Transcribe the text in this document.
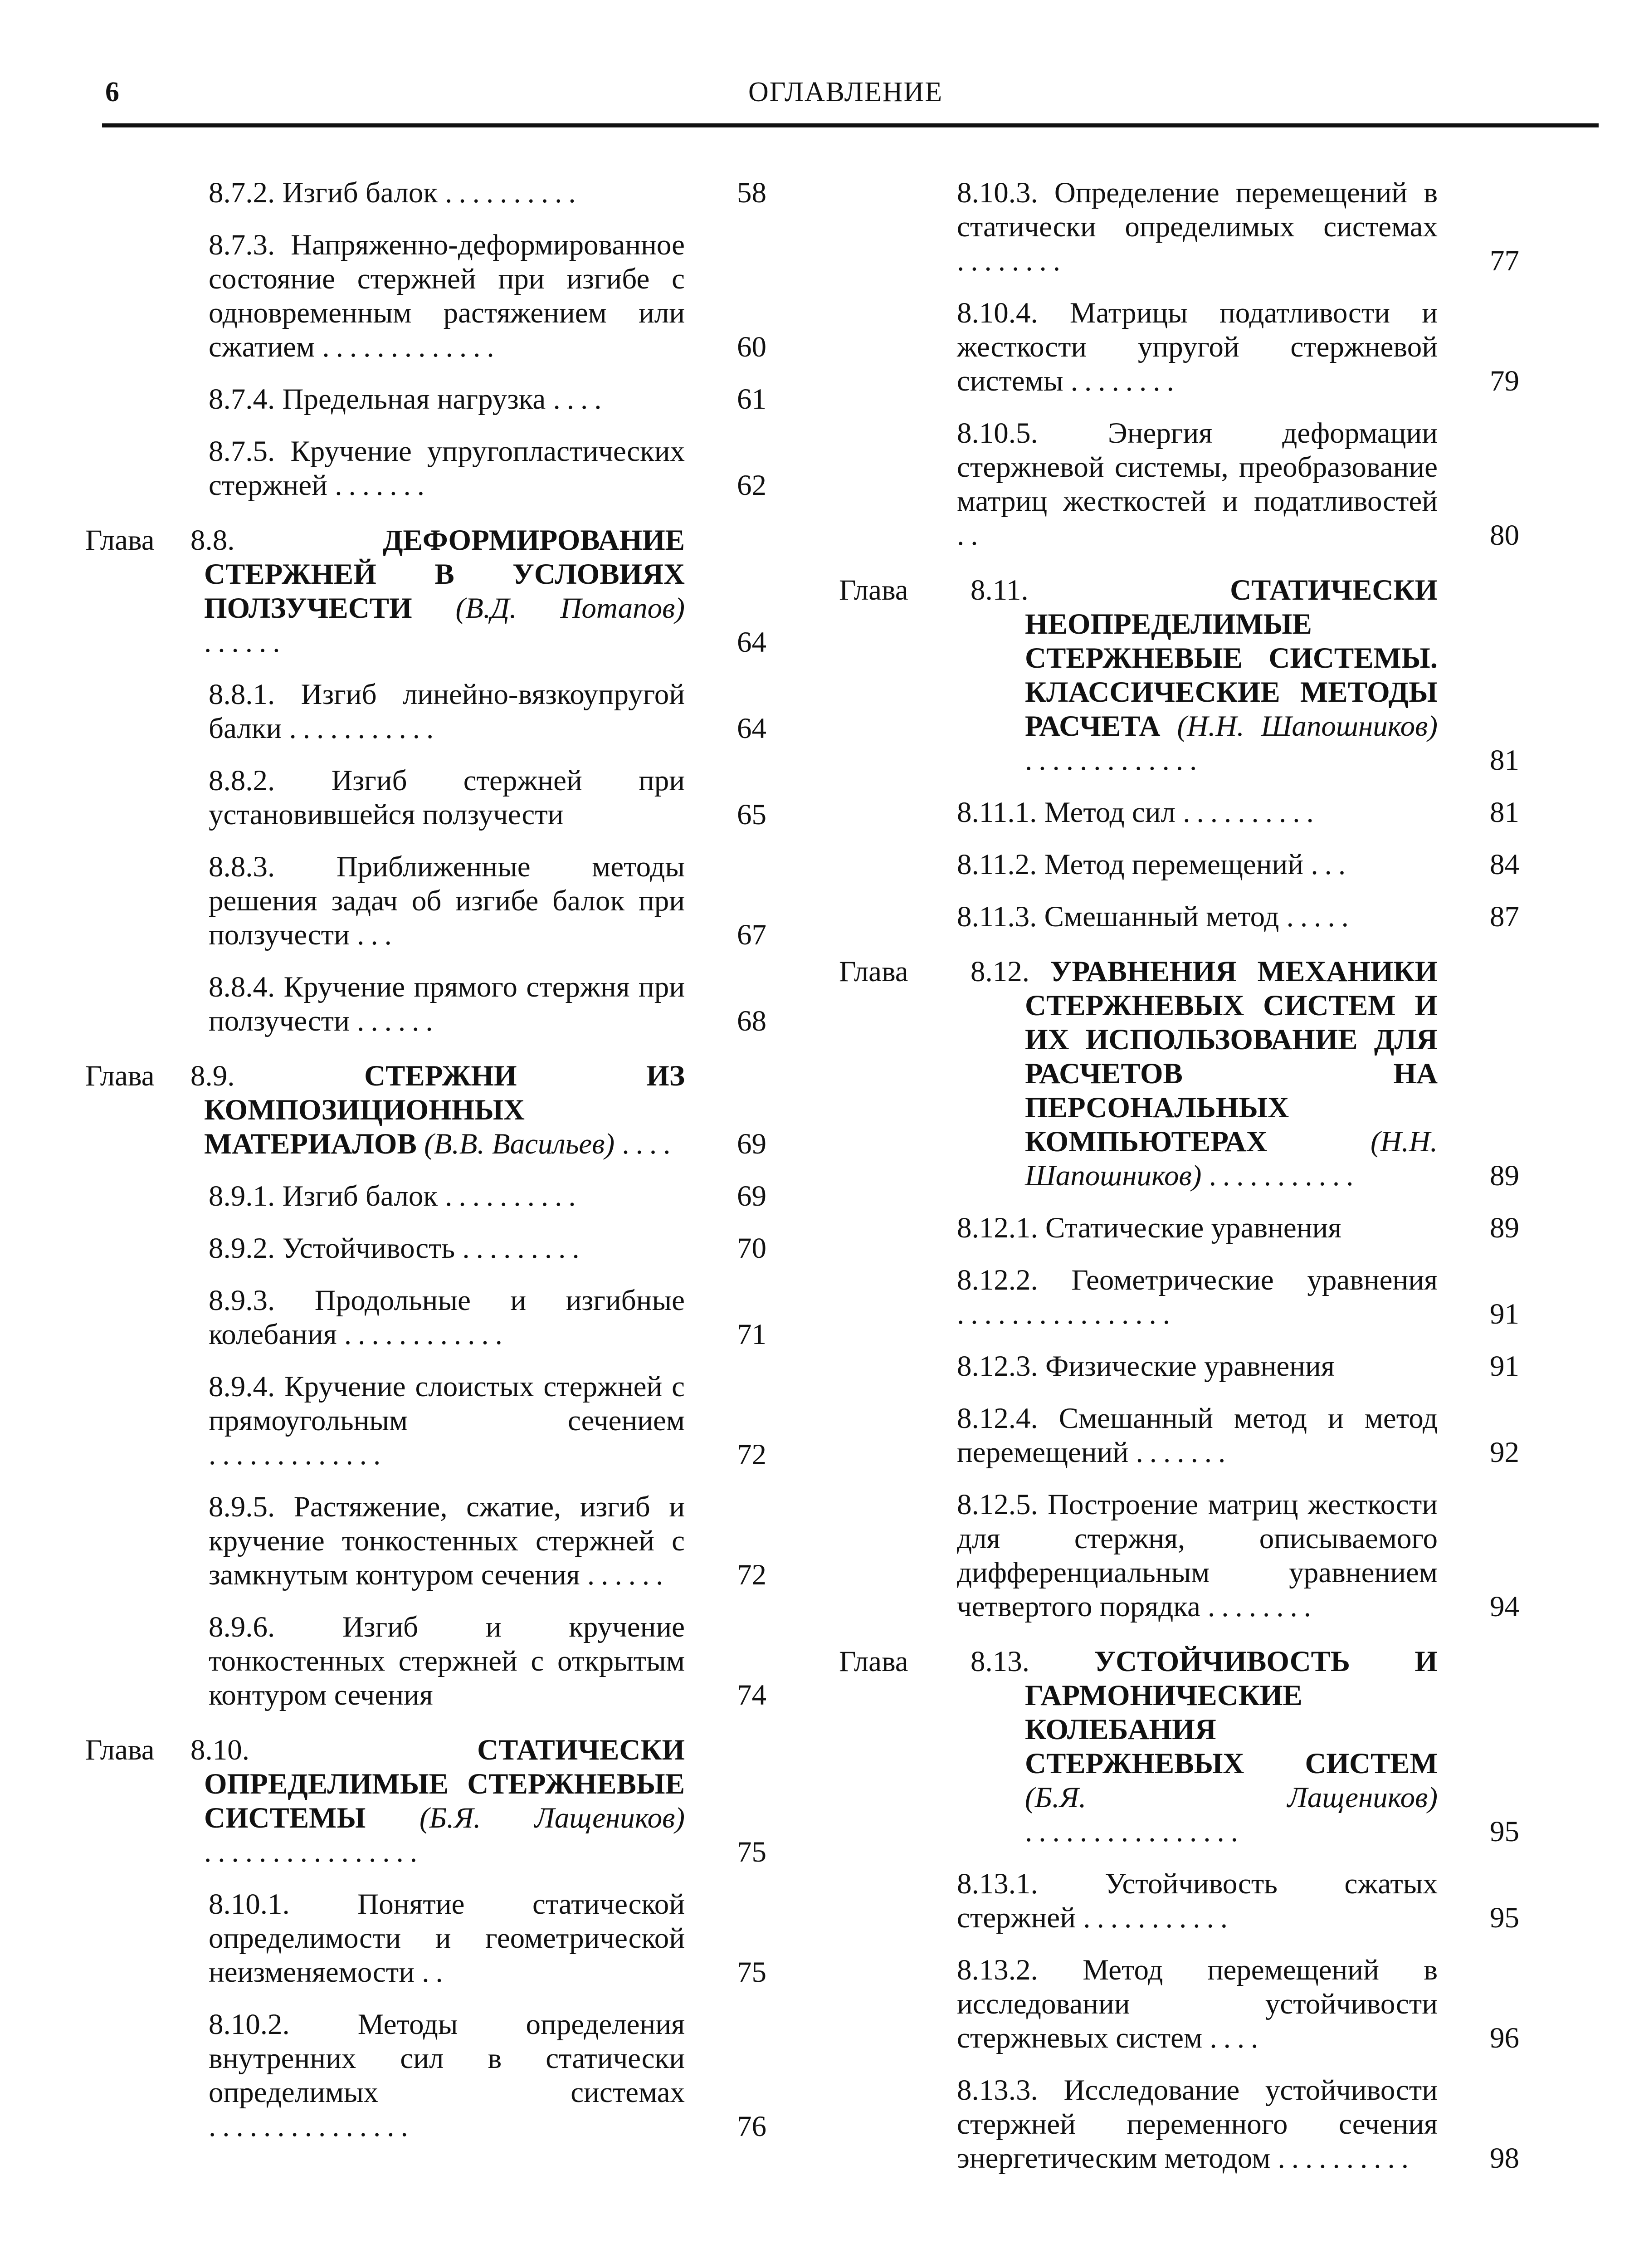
6	ОГЛАВЛЕНИЕ
8.7.2. Изгиб балок ..........	58
8.7.3. Напряженно-деформированное состояние стержней при изгибе с одновременным растяжением или сжатием .............	60
8.7.4. Предельная нагрузка ....	61
8.7.5. Кручение упругопластических стержней .......	62
Глава 8.8. ДЕФОРМИРОВАНИЕ СТЕРЖНЕЙ В УСЛОВИЯХ ПОЛЗУЧЕСТИ (В.Д. Потапов) ......	64
8.8.1. Изгиб линейно-вязкоупругой балки ...........	64
8.8.2. Изгиб стержней при установившейся ползучести	65
8.8.3. Приближенные методы решения задач об изгибе балок при ползучести ...	67
8.8.4. Кручение прямого стержня при ползучести ......	68
Глава 8.9. СТЕРЖНИ ИЗ КОМПОЗИЦИОННЫХ МАТЕРИАЛОВ (В.В. Васильев) .... 69
8.9.1. Изгиб балок ..........	69
8.9.2. Устойчивость .........	70
8.9.3. Продольные и изгибные колебания ............	71
8.9.4. Кручение слоистых стержней с прямоугольным сечением .............	72
8.9.5. Растяжение, сжатие, изгиб и кручение тонкостенных стержней с замкнутым контуром сечения ......	72
8.9.6. Изгиб и кручение тонкостенных стержней с открытым контуром сечения	74
Глава 8.10. СТАТИЧЕСКИ ОПРЕДЕЛИМЫЕ СТЕРЖНЕВЫЕ СИСТЕМЫ (Б.Я. Лащеников) ................	75
8.10.1. Понятие статической определимости и геометрической неизменяемости ..	75
8.10.2. Методы определения внутренних сил в статически определимых системах ...............	76
8.10.3. Определение перемещений в статически определимых системах ........	77
8.10.4. Матрицы податливости и жесткости упругой стержневой системы ........	79
8.10.5. Энергия деформации стержневой системы, преобразование матриц жесткостей и податливостей ..	80
Глава 8.11. СТАТИЧЕСКИ НЕОПРЕДЕЛИМЫЕ СТЕРЖНЕВЫЕ СИСТЕМЫ. КЛАССИЧЕСКИЕ МЕТОДЫ РАСЧЕТА (Н.Н. Шапошников) .............	81
8.11.1. Метод сил ..........	81
8.11.2. Метод перемещений ...	84
8.11.3. Смешанный метод .....	87
Глава 8.12. УРАВНЕНИЯ МЕХАНИКИ СТЕРЖНЕВЫХ СИСТЕМ И ИХ ИСПОЛЬЗОВАНИЕ ДЛЯ РАСЧЕТОВ НА ПЕРСОНАЛЬНЫХ КОМПЬЮТЕРАХ (Н.Н. Шапошников) ...........	89
8.12.1. Статические уравнения	89
8.12.2. Геометрические уравнения ................	91
8.12.3. Физические уравнения	91
8.12.4. Смешанный метод и метод перемещений .......	92
8.12.5. Построение матриц жесткости для стержня, описываемого дифференциальным уравнением четвертого порядка ........	94
Глава 8.13. УСТОЙЧИВОСТЬ И ГАРМОНИЧЕСКИЕ КОЛЕБАНИЯ СТЕРЖНЕВЫХ СИСТЕМ (Б.Я. Лащеников) ................	95
8.13.1. Устойчивость сжатых стержней ...........	95
8.13.2. Метод перемещений в исследовании устойчивости стержневых систем ....	96
8.13.3. Исследование устойчивости стержней переменного сечения энергетическим методом ..........	98
